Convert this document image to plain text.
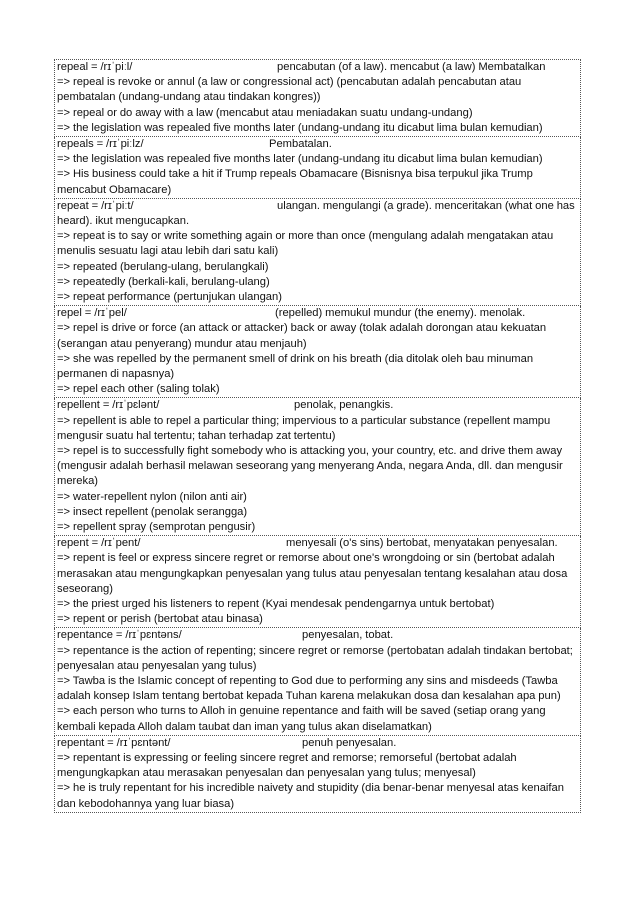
repeal = /rɪˈpiːl/	pencabutan (of a law). mencabut (a law) Membatalkan
=> repeal is revoke or annul (a law or congressional act) (pencabutan adalah pencabutan atau pembatalan (undang-undang atau tindakan kongres))
=> repeal or do away with a law (mencabut atau meniadakan suatu undang-undang)
=> the legislation was repealed five months later (undang-undang itu dicabut lima bulan kemudian)
repeals = /rɪˈpiːlz/	Pembatalan.
=> the legislation was repealed five months later (undang-undang itu dicabut lima bulan kemudian)
=> His business could take a hit if Trump repeals Obamacare (Bisnisnya bisa terpukul jika Trump mencabut Obamacare)
repeat = /rɪˈpiːt/	ulangan. mengulangi (a grade). menceritakan (what one has heard). ikut mengucapkan.
=> repeat is to say or write something again or more than once (mengulang adalah mengatakan atau menulis sesuatu lagi atau lebih dari satu kali)
=> repeated (berulang-ulang, berulangkali)
=> repeatedly (berkali-kali, berulang-ulang)
=> repeat performance (pertunjukan ulangan)
repel = /rɪˈpel/	(repelled) memukul mundur (the enemy). menolak.
=> repel is drive or force (an attack or attacker) back or away (tolak adalah dorongan atau kekuatan (serangan atau penyerang) mundur atau menjauh)
=> she was repelled by the permanent smell of drink on his breath (dia ditolak oleh bau minuman permanen di napasnya)
=> repel each other (saling tolak)
repellent = /rɪˈpɛlənt/	penolak, penangkis.
=> repellent is able to repel a particular thing; impervious to a particular substance (repellent mampu mengusir suatu hal tertentu; tahan terhadap zat tertentu)
=> repel is to successfully fight somebody who is attacking you, your country, etc. and drive them away (mengusir adalah berhasil melawan seseorang yang menyerang Anda, negara Anda, dll. dan mengusir mereka)
=> water-repellent nylon (nilon anti air)
=> insect repellent (penolak serangga)
=> repellent spray (semprotan pengusir)
repent = /rɪˈpent/	menyesali (o's sins) bertobat, menyatakan penyesalan.
=> repent is feel or express sincere regret or remorse about one's wrongdoing or sin (bertobat adalah merasakan atau mengungkapkan penyesalan yang tulus atau penyesalan tentang kesalahan atau dosa seseorang)
=> the priest urged his listeners to repent (Kyai mendesak pendengarnya untuk bertobat)
=> repent or perish (bertobat atau binasa)
repentance = /rɪˈpɛntəns/	penyesalan, tobat.
=> repentance is the action of repenting; sincere regret or remorse (pertobatan adalah tindakan bertobat; penyesalan atau penyesalan yang tulus)
=> Tawba is the Islamic concept of repenting to God due to performing any sins and misdeeds (Tawba adalah konsep Islam tentang bertobat kepada Tuhan karena melakukan dosa dan kesalahan apa pun)
=> each person who turns to Alloh in genuine repentance and faith will be saved (setiap orang yang kembali kepada Alloh dalam taubat dan iman yang tulus akan diselamatkan)
repentant = /rɪˈpɛntənt/	penuh penyesalan.
=> repentant is expressing or feeling sincere regret and remorse; remorseful (bertobat adalah mengungkapkan atau merasakan penyesalan dan penyesalan yang tulus; menyesal)
=> he is truly repentant for his incredible naivety and stupidity (dia benar-benar menyesal atas kenaifan dan kebodohannya yang luar biasa)
